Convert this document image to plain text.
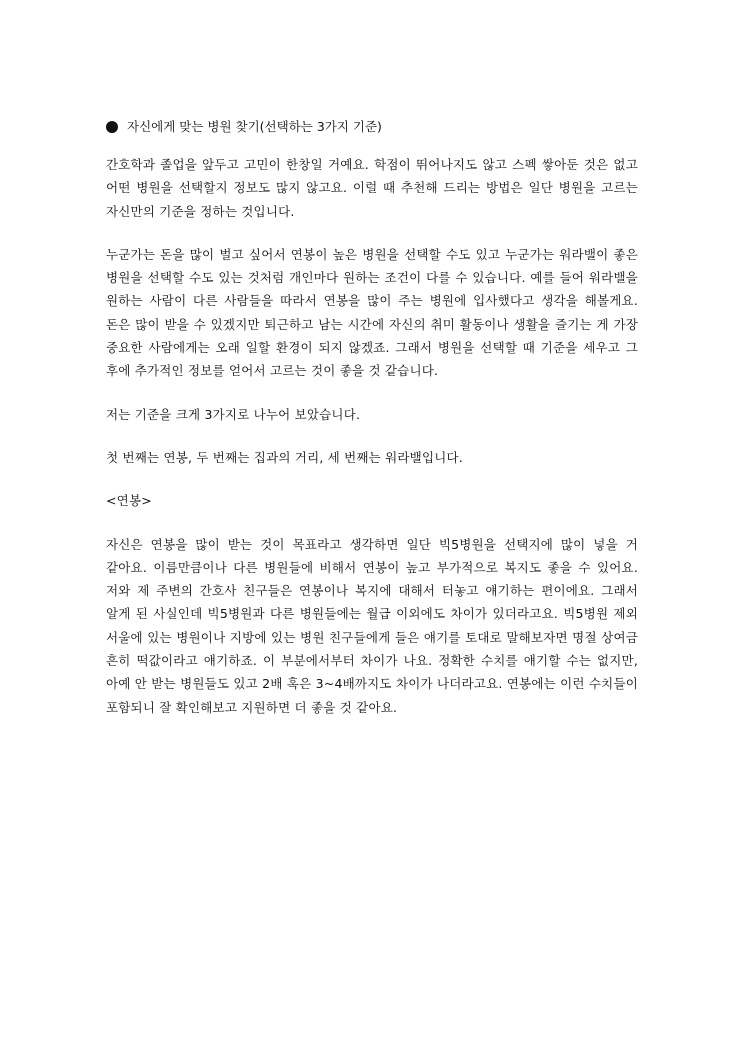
자신에게 맞는 병원 찾기(선택하는 3가지 기준)

간호학과 졸업을 앞두고 고민이 한창일 거예요. 학점이 뛰어나지도 않고 스펙 쌓아둔 것은 없고 어떤 병원을 선택할지 정보도 많지 않고요. 이럴 때 추천해 드리는 방법은 일단 병원을 고르는 자신만의 기준을 정하는 것입니다.

누군가는 돈을 많이 벌고 싶어서 연봉이 높은 병원을 선택할 수도 있고 누군가는 워라밸이 좋은 병원을 선택할 수도 있는 것처럼 개인마다 원하는 조건이 다를 수 있습니다. 예를 들어 워라밸을 원하는 사람이 다른 사람들을 따라서 연봉을 많이 주는 병원에 입사했다고 생각을 해볼게요. 돈은 많이 받을 수 있겠지만 퇴근하고 남는 시간에 자신의 취미 활동이나 생활을 즐기는 게 가장 중요한 사람에게는 오래 일할 환경이 되지 않겠죠. 그래서 병원을 선택할 때 기준을 세우고 그 후에 추가적인 정보를 얻어서 고르는 것이 좋을 것 같습니다.

저는 기준을 크게 3가지로 나누어 보았습니다.

첫 번째는 연봉, 두 번째는 집과의 거리, 세 번째는 워라밸입니다.

<연봉>

자신은 연봉을 많이 받는 것이 목표라고 생각하면 일단 빅5병원을 선택지에 많이 넣을 거 같아요. 이름만큼이나 다른 병원들에 비해서 연봉이 높고 부가적으로 복지도 좋을 수 있어요. 저와 제 주변의 간호사 친구들은 연봉이나 복지에 대해서 터놓고 얘기하는 편이에요. 그래서 알게 된 사실인데 빅5병원과 다른 병원들에는 월급 이외에도 차이가 있더라고요. 빅5병원 제외 서울에 있는 병원이나 지방에 있는 병원 친구들에게 들은 얘기를 토대로 말해보자면 명절 상여금 흔히 떡값이라고 얘기하죠. 이 부분에서부터 차이가 나요. 정확한 수치를 얘기할 수는 없지만, 아예 안 받는 병원들도 있고 2배 혹은 3~4배까지도 차이가 나더라고요. 연봉에는 이런 수치들이 포함되니 잘 확인해보고 지원하면 더 좋을 것 같아요.
